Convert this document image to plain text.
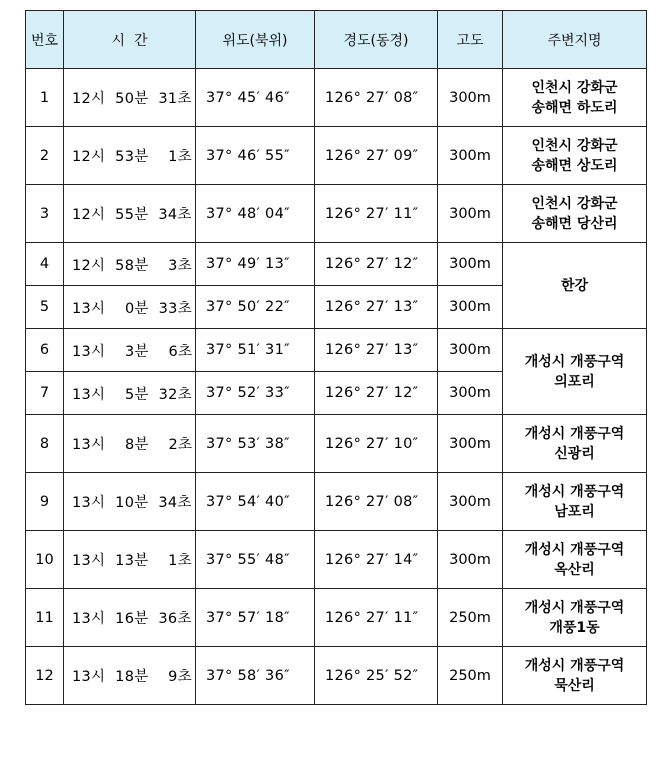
번호	시  간	위도(북위)	경도(동경)	고도	주변지명
1	12시  50분  31초	37° 45′ 46″	126° 27′ 08″	300m	인천시 강화군
송해면 하도리

2	12시  53분    1초	37° 46′ 55″	126° 27′ 09″	300m	인천시 강화군
송해면 상도리

3	12시  55분  34초	37° 48′ 04″	126° 27′ 11″	300m	인천시 강화군
송해면 당산리

4	12시  58분    3초	37° 49′ 13″	126° 27′ 12″	300m	한강

5	13시    0분  33초	37° 50′ 22″	126° 27′ 13″	300m	
6	13시    3분    6초	37° 51′ 31″	126° 27′ 13″	300m	개성시 개풍구역
의포리

7	13시    5분  32초	37° 52′ 33″	126° 27′ 12″	300m	
8	13시    8분    2초	37° 53′ 38″	126° 27′ 10″	300m	개성시 개풍구역
신광리

9	13시  10분  34초	37° 54′ 40″	126° 27′ 08″	300m	개성시 개풍구역
남포리

10	13시  13분    1초	37° 55′ 48″	126° 27′ 14″	300m	개성시 개풍구역
옥산리

11	13시  16분  36초	37° 57′ 18″	126° 27′ 11″	250m	개성시 개풍구역
개풍1동

12	13시  18분    9초	37° 58′ 36″	126° 25′ 52″	250m	개성시 개풍구역
묵산리
